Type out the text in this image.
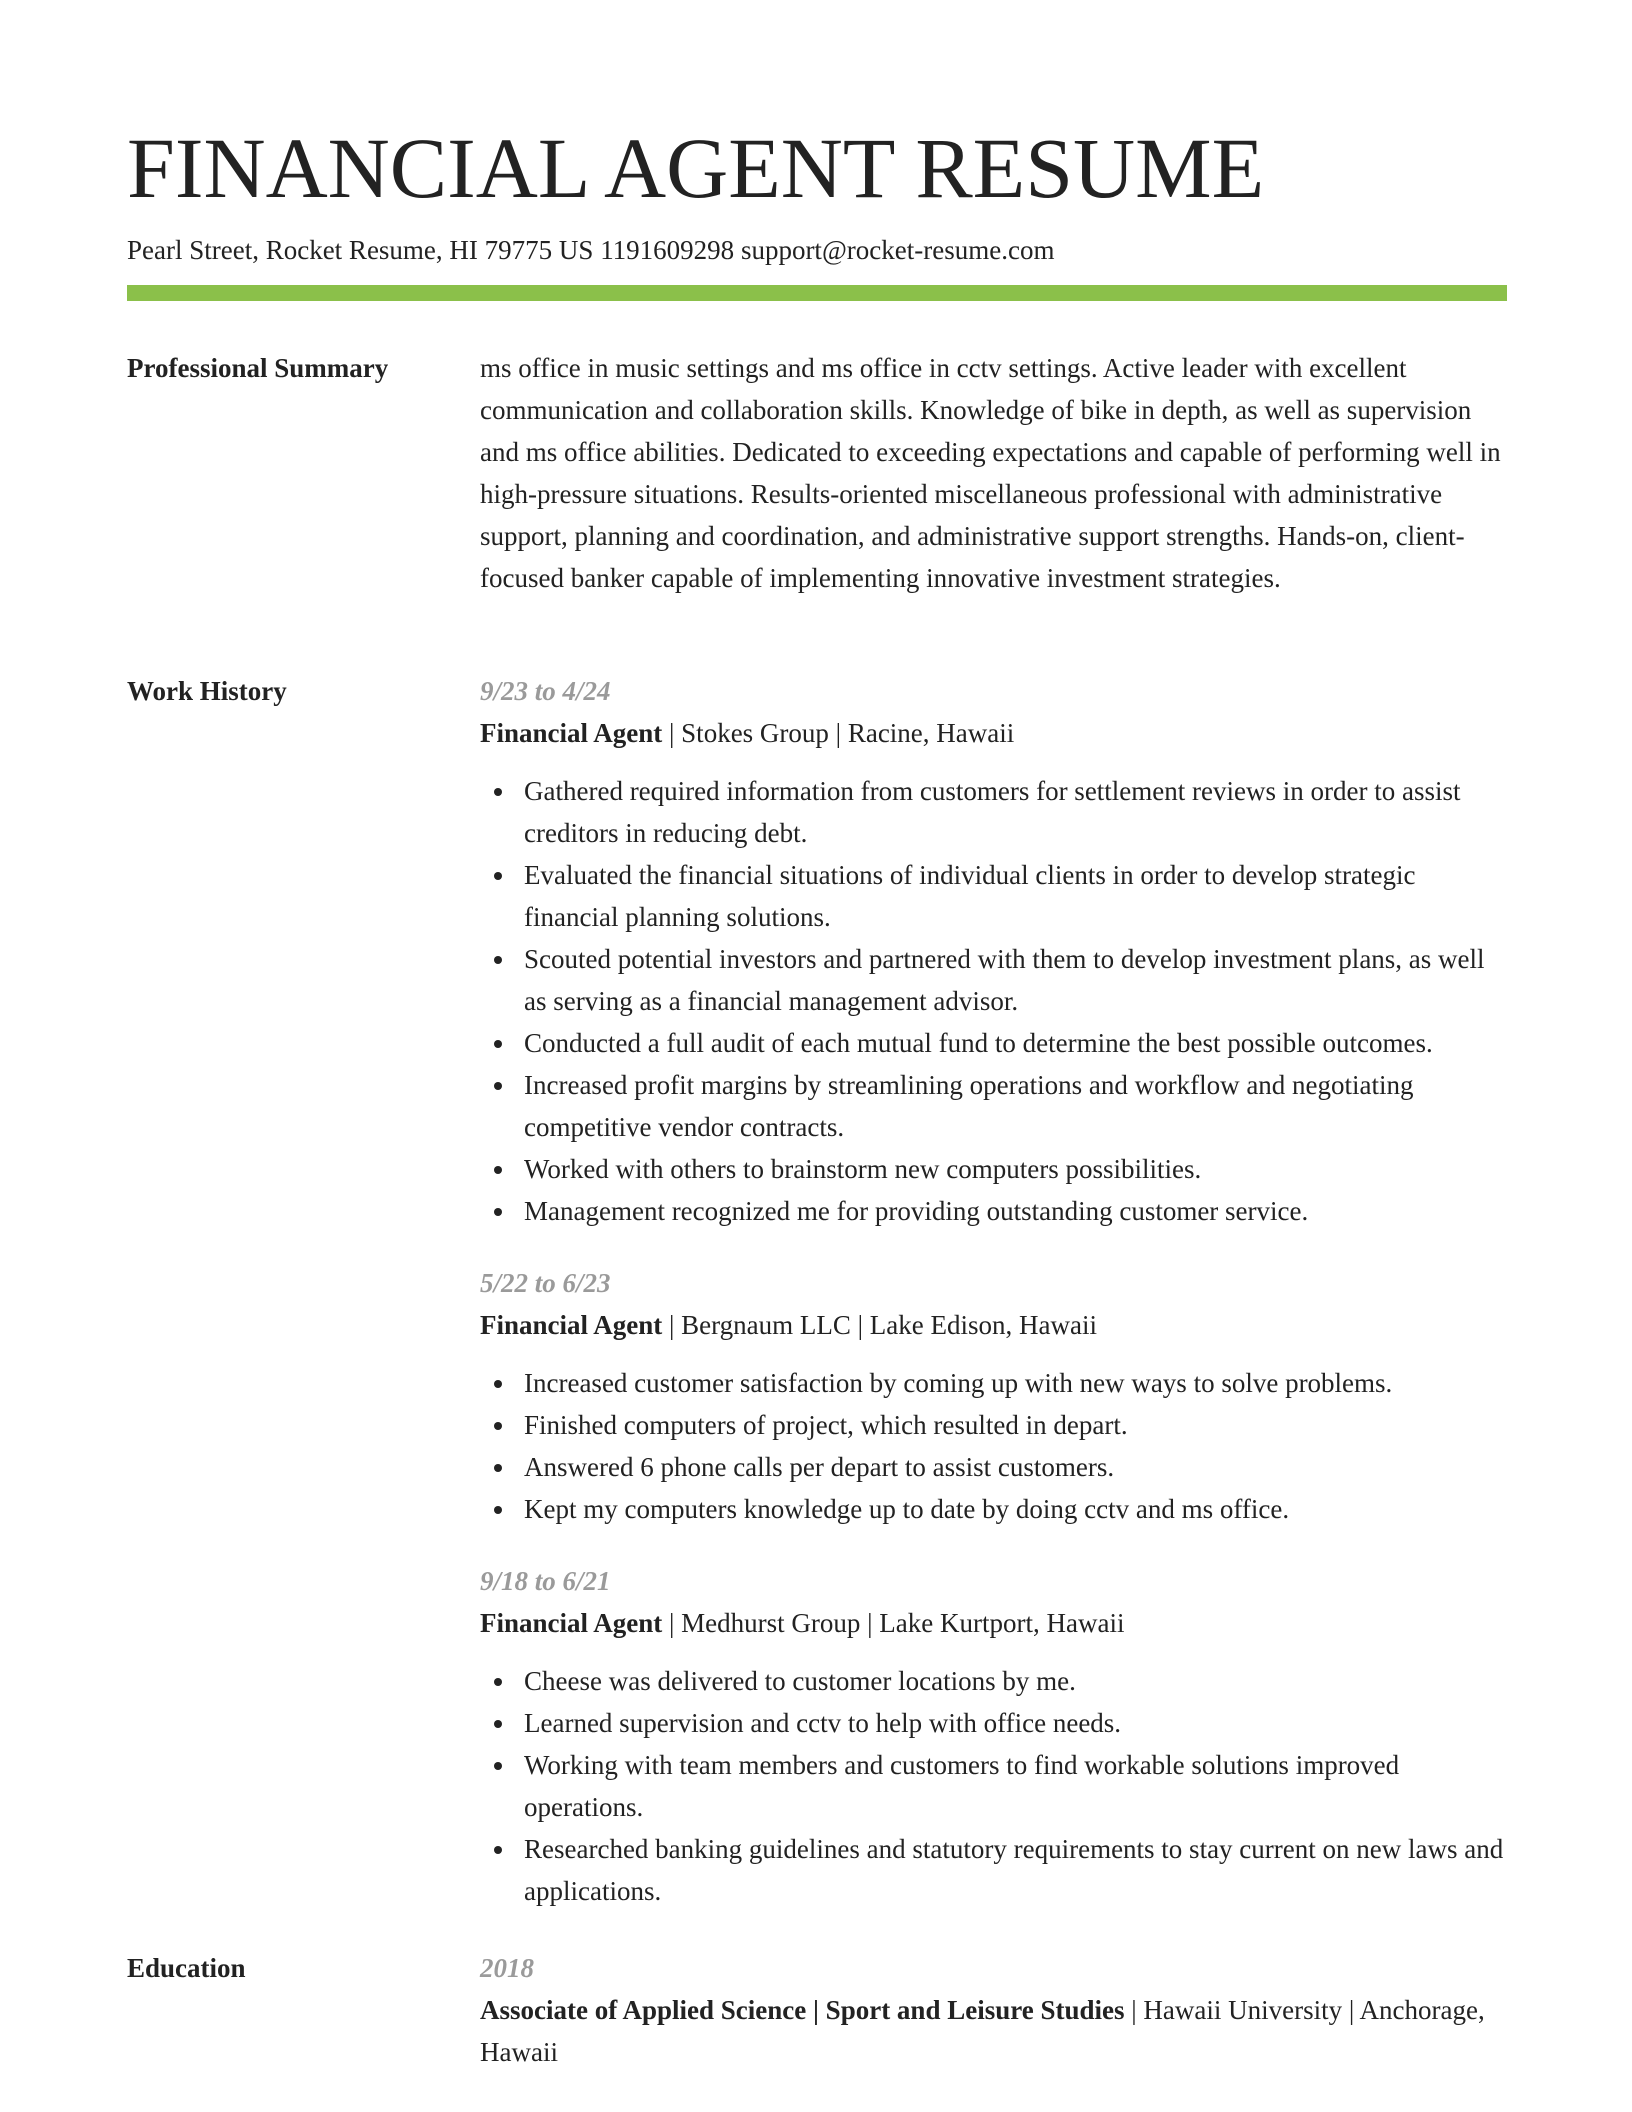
FINANCIAL AGENT RESUME
Pearl Street, Rocket Resume, HI 79775 US 1191609298 support@rocket-resume.com
Professional Summary	ms office in music settings and ms office in cctv settings. Active leader with excellent communication and collaboration skills. Knowledge of bike in depth, as well as supervision and ms office abilities. Dedicated to exceeding expectations and capable of performing well in high-pressure situations. Results-oriented miscellaneous professional with administrative support, planning and coordination, and administrative support strengths. Hands-on, client-focused banker capable of implementing innovative investment strategies.

Work History	9/23 to 4/24
Financial Agent | Stokes Group | Racine, Hawaii
Gathered required information from customers for settlement reviews in order to assist creditors in reducing debt.
Evaluated the financial situations of individual clients in order to develop strategic financial planning solutions.
Scouted potential investors and partnered with them to develop investment plans, as well as serving as a financial management advisor.
Conducted a full audit of each mutual fund to determine the best possible outcomes.
Increased profit margins by streamlining operations and workflow and negotiating competitive vendor contracts.
Worked with others to brainstorm new computers possibilities.
Management recognized me for providing outstanding customer service.
5/22 to 6/23
Financial Agent | Bergnaum LLC | Lake Edison, Hawaii
Increased customer satisfaction by coming up with new ways to solve problems.
Finished computers of project, which resulted in depart.
Answered 6 phone calls per depart to assist customers.
Kept my computers knowledge up to date by doing cctv and ms office.
9/18 to 6/21
Financial Agent | Medhurst Group | Lake Kurtport, Hawaii
Cheese was delivered to customer locations by me.
Learned supervision and cctv to help with office needs.
Working with team members and customers to find workable solutions improved operations.
Researched banking guidelines and statutory requirements to stay current on new laws and applications.
Education	2018
Associate of Applied Science | Sport and Leisure Studies | Hawaii University | Anchorage, Hawaii
